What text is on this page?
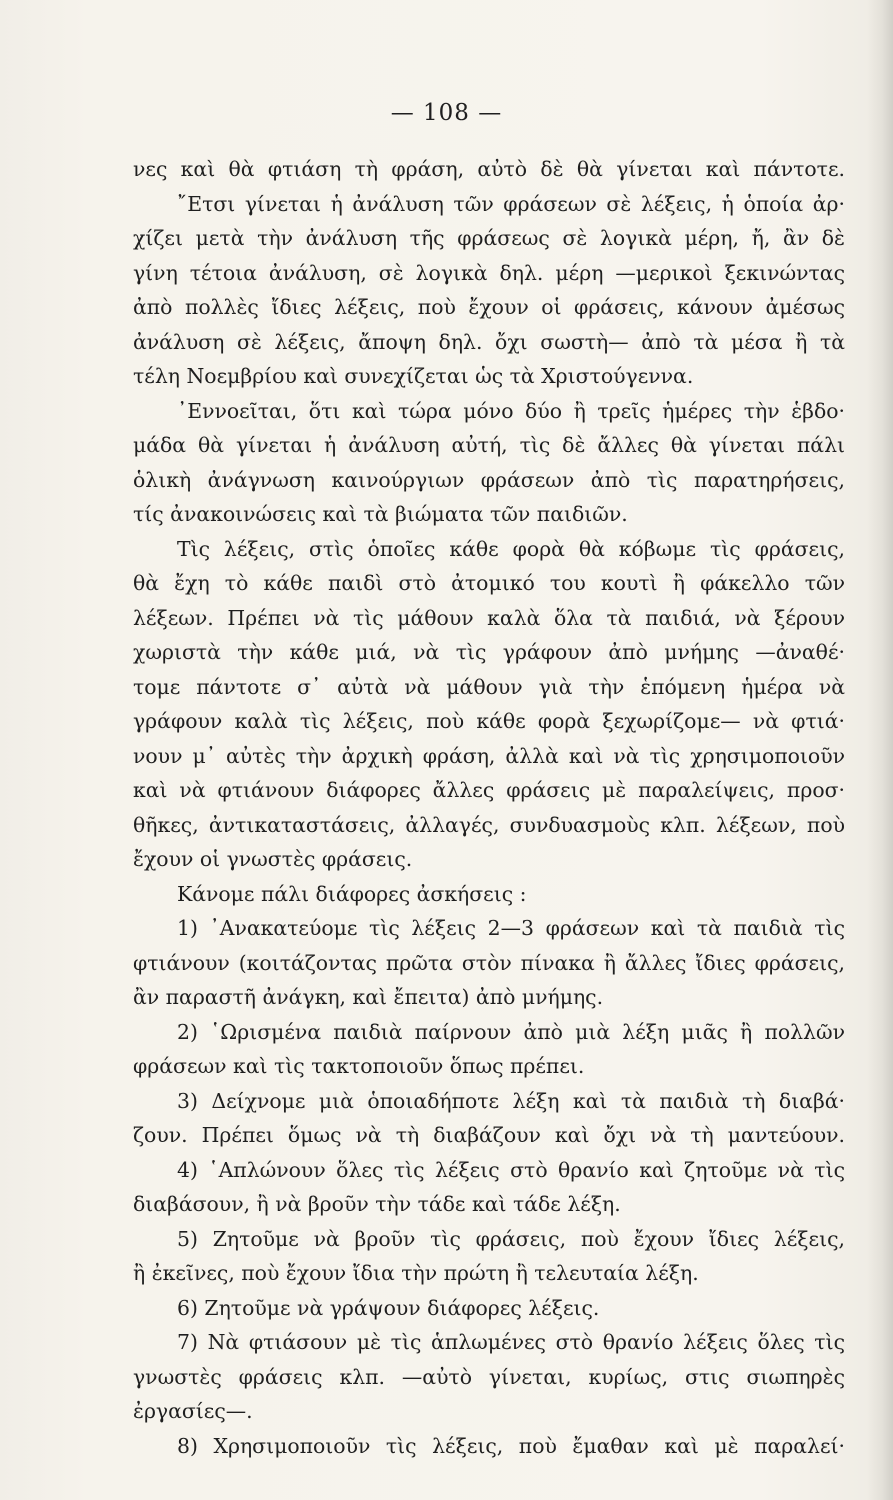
— 108 —
νες καὶ θὰ φτιάση τὴ φράση, αὐτὸ δὲ θὰ γίνεται καὶ πάντοτε.
῎Ετσι γίνεται ἡ ἀνάλυση τῶν φράσεων σὲ λέξεις, ἡ ὁποία ἀρ·
χίζει μετὰ τὴν ἀνάλυση τῆς φράσεως σὲ λογικὰ μέρη, ἤ, ἂν δὲ
γίνη τέτοια ἀνάλυση, σὲ λογικὰ δηλ. μέρη —μερικοὶ ξεκινώντας
ἀπὸ πολλὲς ἴδιες λέξεις, ποὺ ἔχουν οἱ φράσεις, κάνουν ἀμέσως
ἀνάλυση σὲ λέξεις, ἄποψη δηλ. ὄχι σωστὴ— ἀπὸ τὰ μέσα ἢ τὰ
τέλη Νοεμβρίου καὶ συνεχίζεται ὡς τὰ Χριστούγεννα.
᾿Εννοεῖται, ὅτι καὶ τώρα μόνο δύο ἢ τρεῖς ἡμέρες τὴν ἑβδο·
μάδα θὰ γίνεται ἡ ἀνάλυση αὐτή, τὶς δὲ ἄλλες θὰ γίνεται πάλι
ὁλικὴ ἀνάγνωση καινούργιων φράσεων ἀπὸ τὶς παρατηρήσεις,
τίς ἀνακοινώσεις καὶ τὰ βιώματα τῶν παιδιῶν.
Τὶς λέξεις, στὶς ὁποῖες κάθε φορὰ θὰ κόβωμε τὶς φράσεις,
θὰ ἔχη τὸ κάθε παιδὶ στὸ ἀτομικό του κουτὶ ἢ φάκελλο τῶν
λέξεων. Πρέπει νὰ τὶς μάθουν καλὰ ὅλα τὰ παιδιά, νὰ ξέρουν
χωριστὰ τὴν κάθε μιά, νὰ τὶς γράφουν ἀπὸ μνήμης —ἀναθέ·
τομε πάντοτε σ᾿ αὐτὰ νὰ μάθουν γιὰ τὴν ἑπόμενη ἡμέρα νὰ
γράφουν καλὰ τὶς λέξεις, ποὺ κάθε φορὰ ξεχωρίζομε— νὰ φτιά·
νουν μ᾿ αὐτὲς τὴν ἀρχικὴ φράση, ἀλλὰ καὶ νὰ τὶς χρησιμοποιοῦν
καὶ νὰ φτιάνουν διάφορες ἄλλες φράσεις μὲ παραλείψεις, προσ·
θῆκες, ἀντικαταστάσεις, ἀλλαγές, συνδυασμοὺς κλπ. λέξεων, ποὺ
ἔχουν οἱ γνωστὲς φράσεις.
Κάνομε πάλι διάφορες ἀσκήσεις :
1) ᾿Ανακατεύομε τὶς λέξεις 2—3 φράσεων καὶ τὰ παιδιὰ τὶς
φτιάνουν (κοιτάζοντας πρῶτα στὸν πίνακα ἢ ἄλλες ἴδιες φράσεις,
ἂν παραστῆ ἀνάγκη, καὶ ἔπειτα) ἀπὸ μνήμης.
2) ῾Ωρισμένα παιδιὰ παίρνουν ἀπὸ μιὰ λέξη μιᾶς ἢ πολλῶν
φράσεων καὶ τὶς τακτοποιοῦν ὅπως πρέπει.
3) Δείχνομε μιὰ ὁποιαδήποτε λέξη καὶ τὰ παιδιὰ τὴ διαβά·
ζουν. Πρέπει ὅμως νὰ τὴ διαβάζουν καὶ ὄχι νὰ τὴ μαντεύουν.
4) ῾Απλώνουν ὅλες τὶς λέξεις στὸ θρανίο καὶ ζητοῦμε νὰ τὶς
διαβάσουν, ἢ νὰ βροῦν τὴν τάδε καὶ τάδε λέξη.
5) Ζητοῦμε νὰ βροῦν τὶς φράσεις, ποὺ ἔχουν ἴδιες λέξεις,
ἢ ἐκεῖνες, ποὺ ἔχουν ἴδια τὴν πρώτη ἢ τελευταία λέξη.
6) Ζητοῦμε νὰ γράψουν διάφορες λέξεις.
7) Νὰ φτιάσουν μὲ τὶς ἁπλωμένες στὸ θρανίο λέξεις ὅλες τὶς
γνωστὲς φράσεις κλπ. —αὐτὸ γίνεται, κυρίως, στις σιωπηρὲς
ἐργασίες—.
8) Χρησιμοποιοῦν τὶς λέξεις, ποὺ ἔμαθαν καὶ μὲ παραλεί·
